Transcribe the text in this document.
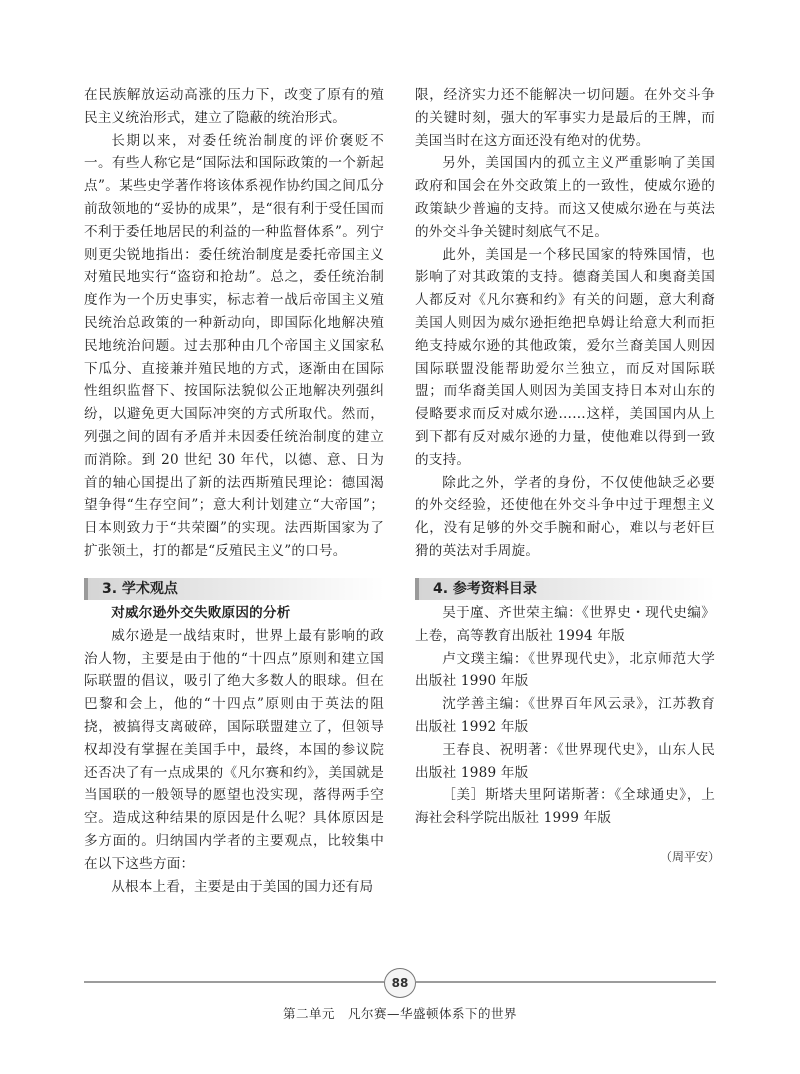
在民族解放运动高涨的压力下，改变了原有的殖民主义统治形式，建立了隐蔽的统治形式。

长期以来，对委任统治制度的评价褒贬不一。有些人称它是“国际法和国际政策的一个新起点”。某些史学著作将该体系视作协约国之间瓜分前敌领地的“妥协的成果”，是“很有利于受任国而不利于委任地居民的利益的一种监督体系”。列宁则更尖锐地指出：委任统治制度是委托帝国主义对殖民地实行“盗窃和抢劫”。总之，委任统治制度作为一个历史事实，标志着一战后帝国主义殖民统治总政策的一种新动向，即国际化地解决殖民地统治问题。过去那种由几个帝国主义国家私下瓜分、直接兼并殖民地的方式，逐渐由在国际性组织监督下、按国际法貌似公正地解决列强纠纷，以避免更大国际冲突的方式所取代。然而，列强之间的固有矛盾并未因委任统治制度的建立而消除。到 20 世纪 30 年代，以德、意、日为首的轴心国提出了新的法西斯殖民理论：德国渴望争得“生存空间”；意大利计划建立“大帝国”；日本则致力于“共荣圈”的实现。法西斯国家为了扩张领土，打的都是“反殖民主义”的口号。

限，经济实力还不能解决一切问题。在外交斗争的关键时刻，强大的军事实力是最后的王牌，而美国当时在这方面还没有绝对的优势。

另外，美国国内的孤立主义严重影响了美国政府和国会在外交政策上的一致性，使威尔逊的政策缺少普遍的支持。而这又使威尔逊在与英法的外交斗争关键时刻底气不足。

此外，美国是一个移民国家的特殊国情，也影响了对其政策的支持。德裔美国人和奥裔美国人都反对《凡尔赛和约》有关的问题，意大利裔美国人则因为威尔逊拒绝把阜姆让给意大利而拒绝支持威尔逊的其他政策，爱尔兰裔美国人则因国际联盟没能帮助爱尔兰独立，而反对国际联盟；而华裔美国人则因为美国支持日本对山东的侵略要求而反对威尔逊……这样，美国国内从上到下都有反对威尔逊的力量，使他难以得到一致的支持。

除此之外，学者的身份，不仅使他缺乏必要的外交经验，还使他在外交斗争中过于理想主义化，没有足够的外交手腕和耐心，难以与老奸巨猾的英法对手周旋。

3. 学术观点	4. 参考资料目录

对威尔逊外交失败原因的分析

威尔逊是一战结束时，世界上最有影响的政治人物，主要是由于他的“十四点”原则和建立国际联盟的倡议，吸引了绝大多数人的眼球。但在巴黎和会上，他的“十四点”原则由于英法的阻挠，被搞得支离破碎，国际联盟建立了，但领导权却没有掌握在美国手中，最终，本国的参议院还否决了有一点成果的《凡尔赛和约》，美国就是当国联的一般领导的愿望也没实现，落得两手空空。造成这种结果的原因是什么呢？具体原因是多方面的。归纳国内学者的主要观点，比较集中在以下这些方面：

从根本上看，主要是由于美国的国力还有局

吴于廑、齐世荣主编：《世界史・现代史编》上卷，高等教育出版社 1994 年版

卢文璞主编：《世界现代史》，北京师范大学出版社 1990 年版

沈学善主编：《世界百年风云录》，江苏教育出版社 1992 年版

王春良、祝明著：《世界现代史》，山东人民出版社 1989 年版

［美］斯塔夫里阿诺斯著：《全球通史》，上海社会科学院出版社 1999 年版

（周平安）
88
第二单元　凡尔赛—华盛顿体系下的世界
